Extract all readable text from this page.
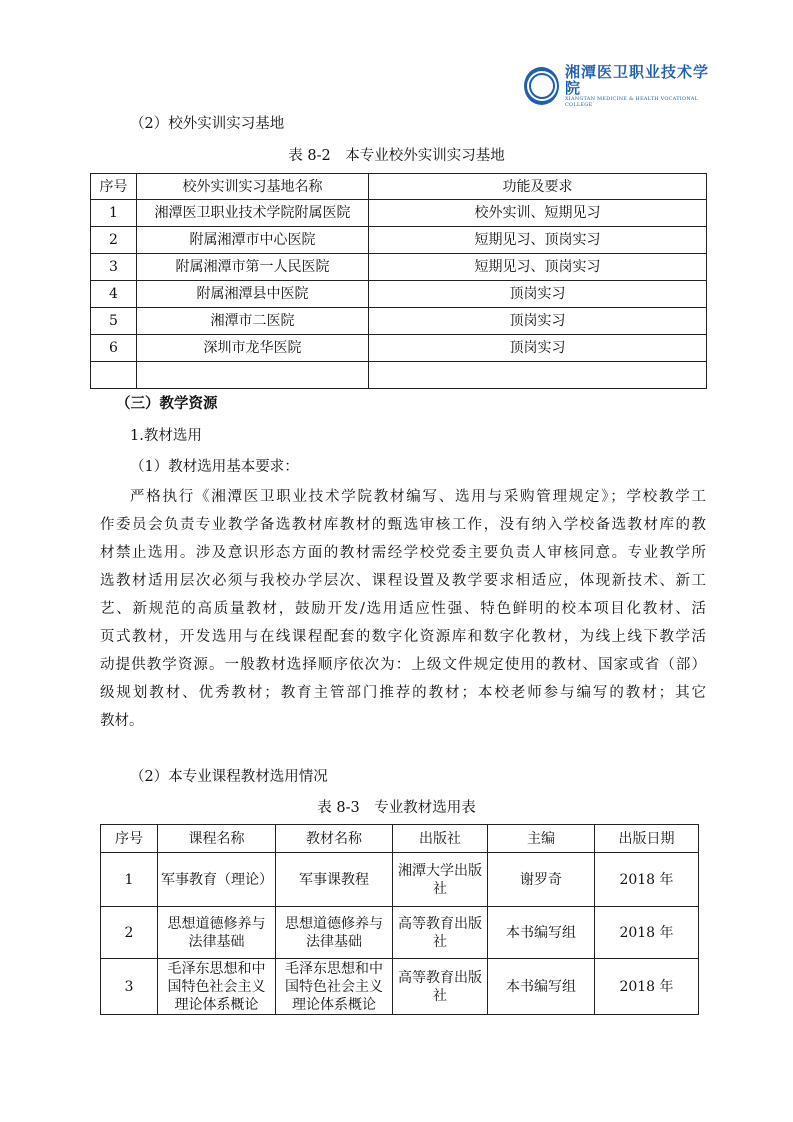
湘潭医卫职业技术学院
XIANGTAN MEDICINE & HEALTH VOCATIONAL COLLEGE
（2）校外实训实习基地
表 8-2　本专业校外实训实习基地
序号	校外实训实习基地名称	功能及要求
1	湘潭医卫职业技术学院附属医院	校外实训、短期见习
2	附属湘潭市中心医院	短期见习、顶岗实习
3	附属湘潭市第一人民医院	短期见习、顶岗实习
4	附属湘潭县中医院	顶岗实习
5	湘潭市二医院	顶岗实习
6	深圳市龙华医院	顶岗实习

（三）教学资源
1.教材选用
（1）教材选用基本要求：
严格执行《湘潭医卫职业技术学院教材编写、选用与采购管理规定》；学校教学工
作委员会负责专业教学备选教材库教材的甄选审核工作，没有纳入学校备选教材库的教
材禁止选用。涉及意识形态方面的教材需经学校党委主要负责人审核同意。专业教学所
选教材适用层次必须与我校办学层次、课程设置及教学要求相适应，体现新技术、新工
艺、新规范的高质量教材，鼓励开发/选用适应性强、特色鲜明的校本项目化教材、活
页式教材，开发选用与在线课程配套的数字化资源库和数字化教材，为线上线下教学活
动提供教学资源。一般教材选择顺序依次为：上级文件规定使用的教材、国家或省（部）
级规划教材、优秀教材；教育主管部门推荐的教材；本校老师参与编写的教材；其它
教材。
（2）本专业课程教材选用情况
表 8-3　专业教材选用表
序号	课程名称	教材名称	出版社	主编	出版日期
1	军事教育（理论）	军事课教程	湘潭大学出版社	谢罗奇	2018 年
2	思想道德修养与法律基础	思想道德修养与法律基础	高等教育出版社	本书编写组	2018 年
3	毛泽东思想和中国特色社会主义理论体系概论	毛泽东思想和中国特色社会主义理论体系概论	高等教育出版社	本书编写组	2018 年
